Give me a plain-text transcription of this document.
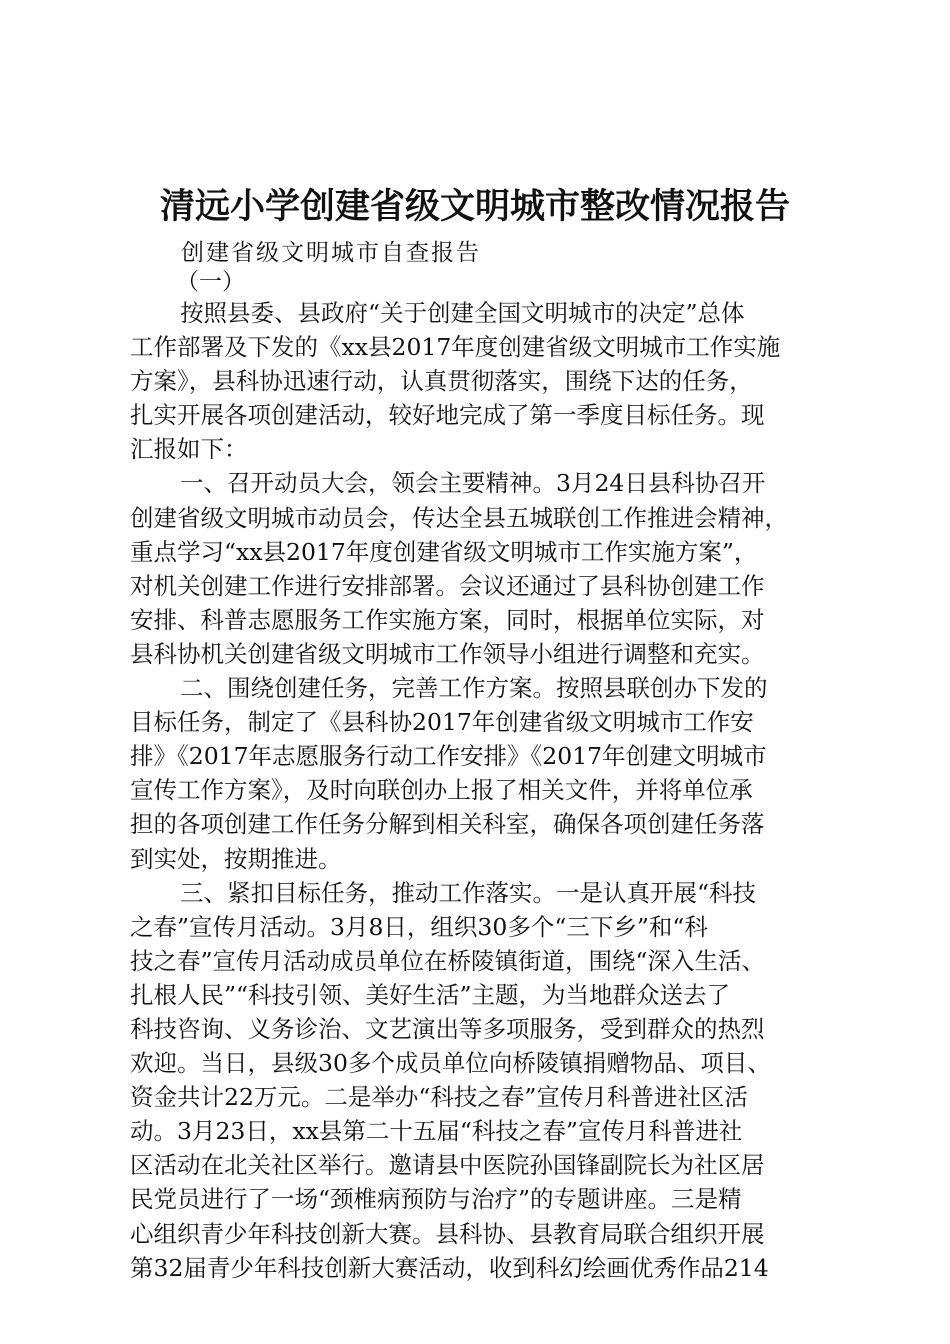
清远小学创建省级文明城市整改情况报告
创建省级文明城市自查报告
（一）
按照县委、县政府“关于创建全国文明城市的决定”总体
工作部署及下发的《xx县2017年度创建省级文明城市工作实施
方案》，县科协迅速行动，认真贯彻落实，围绕下达的任务，
扎实开展各项创建活动，较好地完成了第一季度目标任务。现
汇报如下：
一、召开动员大会，领会主要精神。3月24日县科协召开
创建省级文明城市动员会，传达全县五城联创工作推进会精神，
重点学习“xx县2017年度创建省级文明城市工作实施方案”，
对机关创建工作进行安排部署。会议还通过了县科协创建工作
安排、科普志愿服务工作实施方案，同时，根据单位实际，对
县科协机关创建省级文明城市工作领导小组进行调整和充实。
二、围绕创建任务，完善工作方案。按照县联创办下发的
目标任务，制定了《县科协2017年创建省级文明城市工作安
排》《2017年志愿服务行动工作安排》《2017年创建文明城市
宣传工作方案》，及时向联创办上报了相关文件，并将单位承
担的各项创建工作任务分解到相关科室，确保各项创建任务落
到实处，按期推进。
三、紧扣目标任务，推动工作落实。一是认真开展“科技
之春”宣传月活动。3月8日，组织30多个“三下乡”和“科
技之春”宣传月活动成员单位在桥陵镇街道，围绕“深入生活、
扎根人民”“科技引领、美好生活”主题，为当地群众送去了
科技咨询、义务诊治、文艺演出等多项服务，受到群众的热烈
欢迎。当日，县级30多个成员单位向桥陵镇捐赠物品、项目、
资金共计22万元。二是举办“科技之春”宣传月科普进社区活
动。3月23日，xx县第二十五届“科技之春”宣传月科普进社
区活动在北关社区举行。邀请县中医院孙国锋副院长为社区居
民党员进行了一场“颈椎病预防与治疗”的专题讲座。三是精
心组织青少年科技创新大赛。县科协、县教育局联合组织开展
第32届青少年科技创新大赛活动，收到科幻绘画优秀作品214
